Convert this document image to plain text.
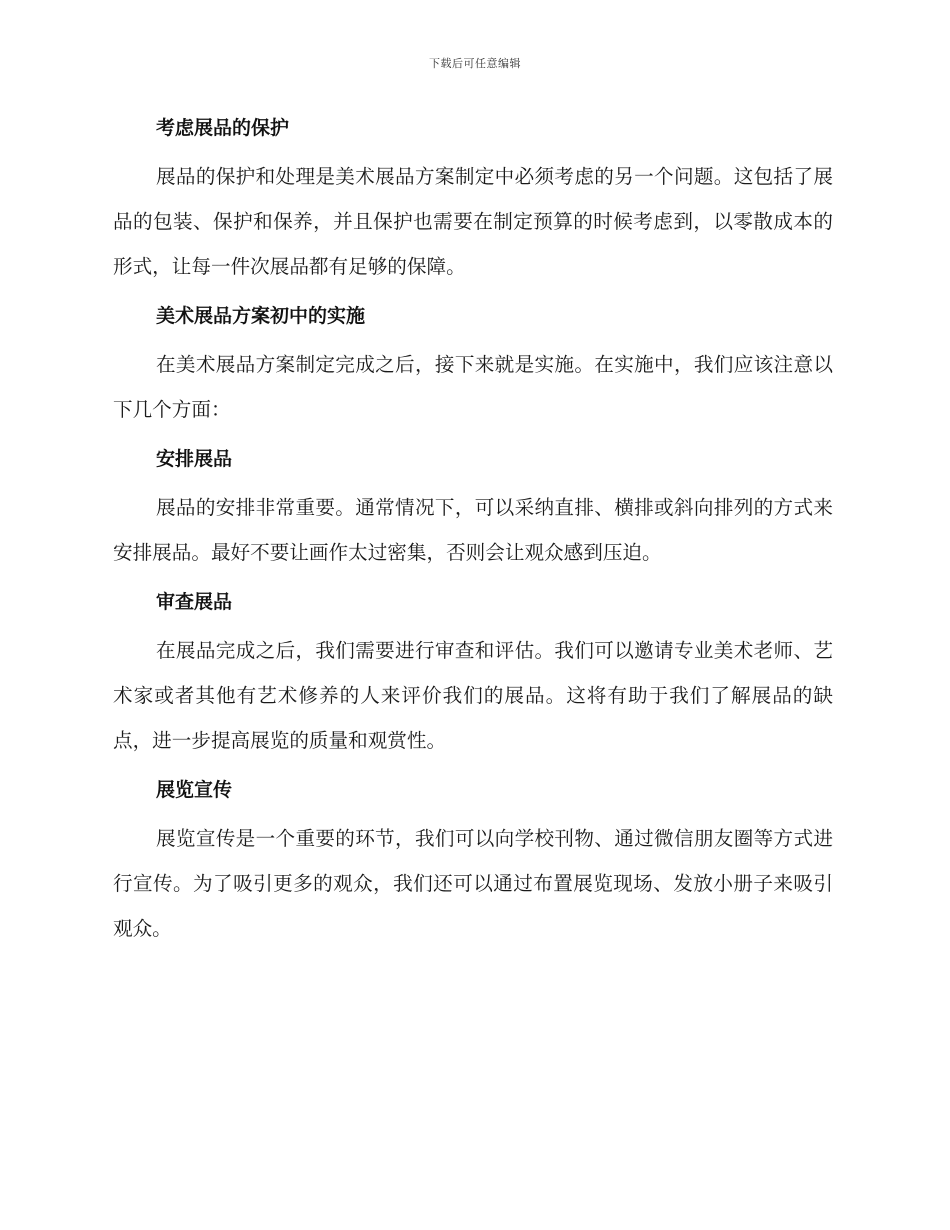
下载后可任意编辑
考虑展品的保护

展品的保护和处理是美术展品方案制定中必须考虑的另一个问题。这包括了展品的包装、保护和保养，并且保护也需要在制定预算的时候考虑到，以零散成本的形式，让每一件次展品都有足够的保障。

美术展品方案初中的实施

在美术展品方案制定完成之后，接下来就是实施。在实施中，我们应该注意以下几个方面：

安排展品

展品的安排非常重要。通常情况下，可以采纳直排、横排或斜向排列的方式来安排展品。最好不要让画作太过密集，否则会让观众感到压迫。

审查展品

在展品完成之后，我们需要进行审查和评估。我们可以邀请专业美术老师、艺术家或者其他有艺术修养的人来评价我们的展品。这将有助于我们了解展品的缺点，进一步提高展览的质量和观赏性。

展览宣传

展览宣传是一个重要的环节，我们可以向学校刊物、通过微信朋友圈等方式进行宣传。为了吸引更多的观众，我们还可以通过布置展览现场、发放小册子来吸引观众。
